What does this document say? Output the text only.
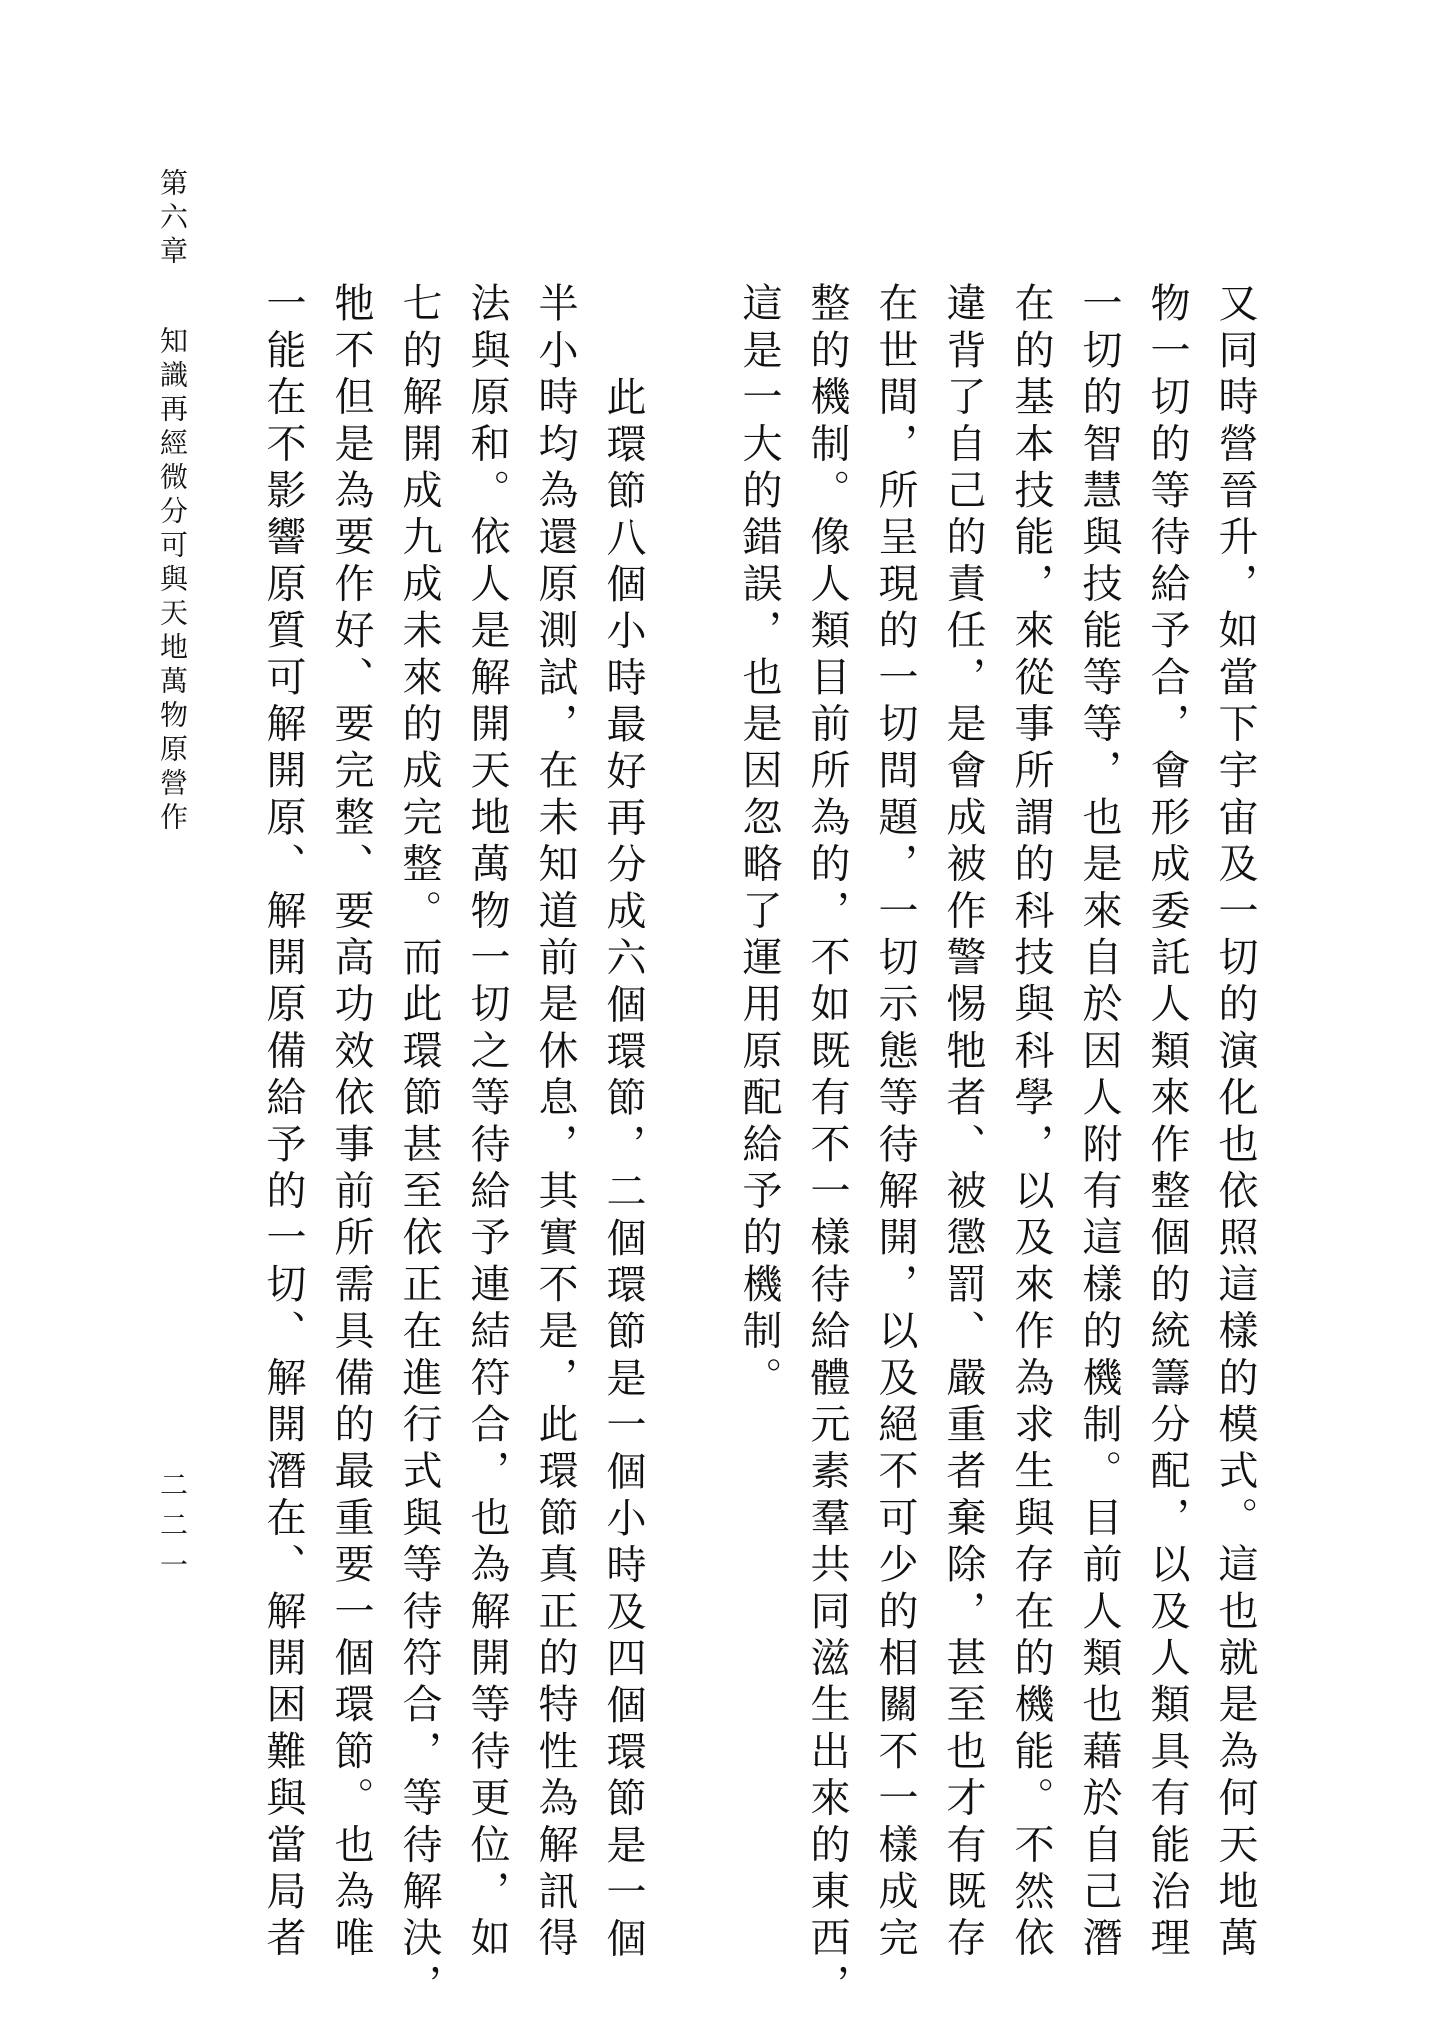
第六章知識再經微分可與天地萬物原營作
二二一	又同時營晉升，如當下宇宙及一切的演化也依照這樣的模式。這也就是為何天地萬
物一切的等待給予合，會形成委託人類來作整個的統籌分配，以及人類具有能治理
一切的智慧與技能等等，也是來自於因人附有這樣的機制。目前人類也藉於自己潛
在的基本技能，來從事所謂的科技與科學，以及來作為求生與存在的機能。不然依
違背了自己的責任，是會成被作警惕牠者、被懲罰、嚴重者棄除，甚至也才有既存
在世間，所呈現的一切問題，一切示態等待解開，以及絕不可少的相關不一樣成完
整的機制。像人類目前所為的，不如既有不一樣待給體元素羣共同滋生出來的東西，
這是一大的錯誤，也是因忽略了運用原配給予的機制。
此環節八個小時最好再分成六個環節，二個環節是一個小時及四個環節是一個
半小時均為還原測試，在未知道前是休息，其實不是，此環節真正的特性為解訊得
法與原和。依人是解開天地萬物一切之等待給予連結符合，也為解開等待更位，如
七的解開成九成未來的成完整。而此環節甚至依正在進行式與等待符合，等待解決，
牠不但是為要作好、要完整、要高功效依事前所需具備的最重要一個環節。也為唯
一能在不影響原質可解開原、解開原備給予的一切、解開潛在、解開困難與當局者
